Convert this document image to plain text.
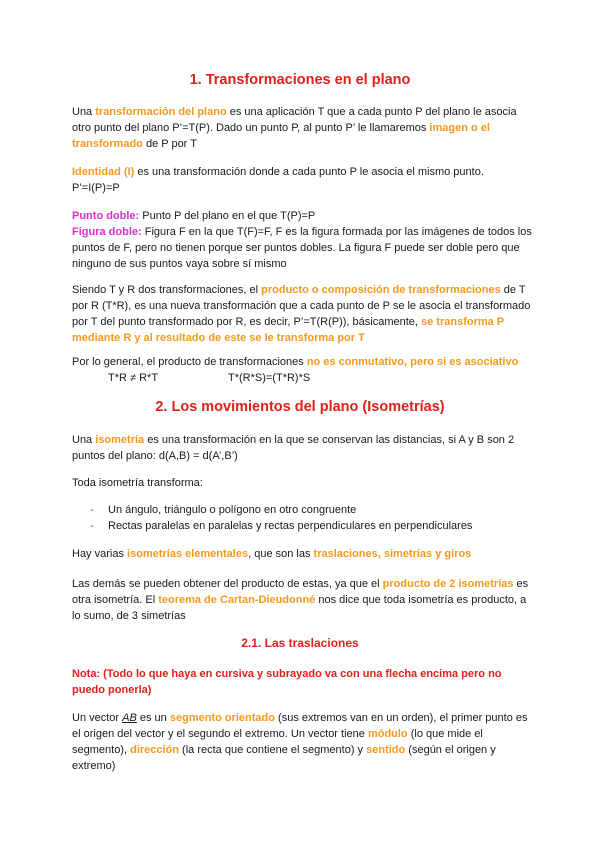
1. Transformaciones en el plano

Una transformación del plano es una aplicación T que a cada punto P del plano le asocia otro punto del plano P’=T(P). Dado un punto P, al punto P’ le llamaremos imagen o el transformado de P por T

Identidad (I) es una transformación donde a cada punto P le asocia el mismo punto. P’=I(P)=P

Punto doble: Punto P del plano en el que T(P)=P
Figura doble: Figura F en la que T(F)=F, F es la figura formada por las imágenes de todos los puntos de F, pero no tienen porque ser puntos dobles. La figura F puede ser doble pero que ninguno de sus puntos vaya sobre sí mismo

Siendo T y R dos transformaciones, el producto o composición de transformaciones de T por R (T*R), es una nueva transformación que a cada punto de P se le asocia el transformado por T del punto transformado por R, es decir, P’=T(R(P)), básicamente, se transforma P mediante R y al resultado de este se le transforma por T

Por lo general, el producto de transformaciones no es conmutativo, pero si es asociativo

T*R ≠ R*T	T*(R*S)=(T*R)*S

2. Los movimientos del plano (Isometrías)

Una isometría es una transformación en la que se conservan las distancias, si A y B son 2 puntos del plano: d(A,B) = d(A’,B’)

Toda isometría transforma:

- Un ángulo, triángulo o polígono en otro congruente
- Rectas paralelas en paralelas y rectas perpendiculares en perpendiculares

Hay varias isometrías elementales, que son las traslaciones, simetrías y giros

Las demás se pueden obtener del producto de estas, ya que el producto de 2 isometrías es otra isometría. El teorema de Cartan-Dieudonné nos dice que toda isometría es producto, a lo sumo, de 3 simetrías

2.1. Las traslaciones

Nota: (Todo lo que haya en cursiva y subrayado va con una flecha encima pero no puedo ponerla)

Un vector AB es un segmento orientado (sus extremos van en un orden), el primer punto es el origen del vector y el segundo el extremo. Un vector tiene módulo (lo que mide el segmento), dirección (la recta que contiene el segmento) y sentido (según el origen y extremo)
